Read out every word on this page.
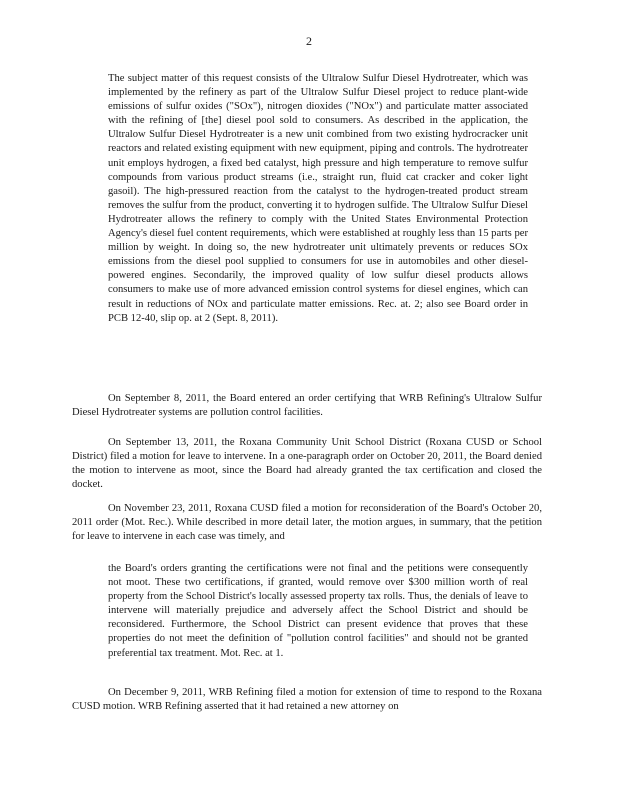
2

The subject matter of this request consists of the Ultralow Sulfur Diesel Hydrotreater, which was implemented by the refinery as part of the Ultralow Sulfur Diesel project to reduce plant-wide emissions of sulfur oxides ("SOx"), nitrogen dioxides ("NOx") and particulate matter associated with the refining of [the] diesel pool sold to consumers. As described in the application, the Ultralow Sulfur Diesel Hydrotreater is a new unit combined from two existing hydrocracker unit reactors and related existing equipment with new equipment, piping and controls. The hydrotreater unit employs hydrogen, a fixed bed catalyst, high pressure and high temperature to remove sulfur compounds from various product streams (i.e., straight run, fluid cat cracker and coker light gasoil). The high-pressured reaction from the catalyst to the hydrogen-treated product stream removes the sulfur from the product, converting it to hydrogen sulfide. The Ultralow Sulfur Diesel Hydrotreater allows the refinery to comply with the United States Environmental Protection Agency's diesel fuel content requirements, which were established at roughly less than 15 parts per million by weight. In doing so, the new hydrotreater unit ultimately prevents or reduces SOx emissions from the diesel pool supplied to consumers for use in automobiles and other diesel-powered engines. Secondarily, the improved quality of low sulfur diesel products allows consumers to make use of more advanced emission control systems for diesel engines, which can result in reductions of NOx and particulate matter emissions. Rec. at. 2; also see Board order in PCB 12-40, slip op. at 2 (Sept. 8, 2011).

On September 8, 2011, the Board entered an order certifying that WRB Refining's Ultralow Sulfur Diesel Hydrotreater systems are pollution control facilities.

On September 13, 2011, the Roxana Community Unit School District (Roxana CUSD or School District) filed a motion for leave to intervene. In a one-paragraph order on October 20, 2011, the Board denied the motion to intervene as moot, since the Board had already granted the tax certification and closed the docket.

On November 23, 2011, Roxana CUSD filed a motion for reconsideration of the Board's October 20, 2011 order (Mot. Rec.). While described in more detail later, the motion argues, in summary, that the petition for leave to intervene in each case was timely, and

the Board's orders granting the certifications were not final and the petitions were consequently not moot. These two certifications, if granted, would remove over $300 million worth of real property from the School District's locally assessed property tax rolls. Thus, the denials of leave to intervene will materially prejudice and adversely affect the School District and should be reconsidered. Furthermore, the School District can present evidence that proves that these properties do not meet the definition of "pollution control facilities" and should not be granted preferential tax treatment. Mot. Rec. at 1.

On December 9, 2011, WRB Refining filed a motion for extension of time to respond to the Roxana CUSD motion. WRB Refining asserted that it had retained a new attorney on
